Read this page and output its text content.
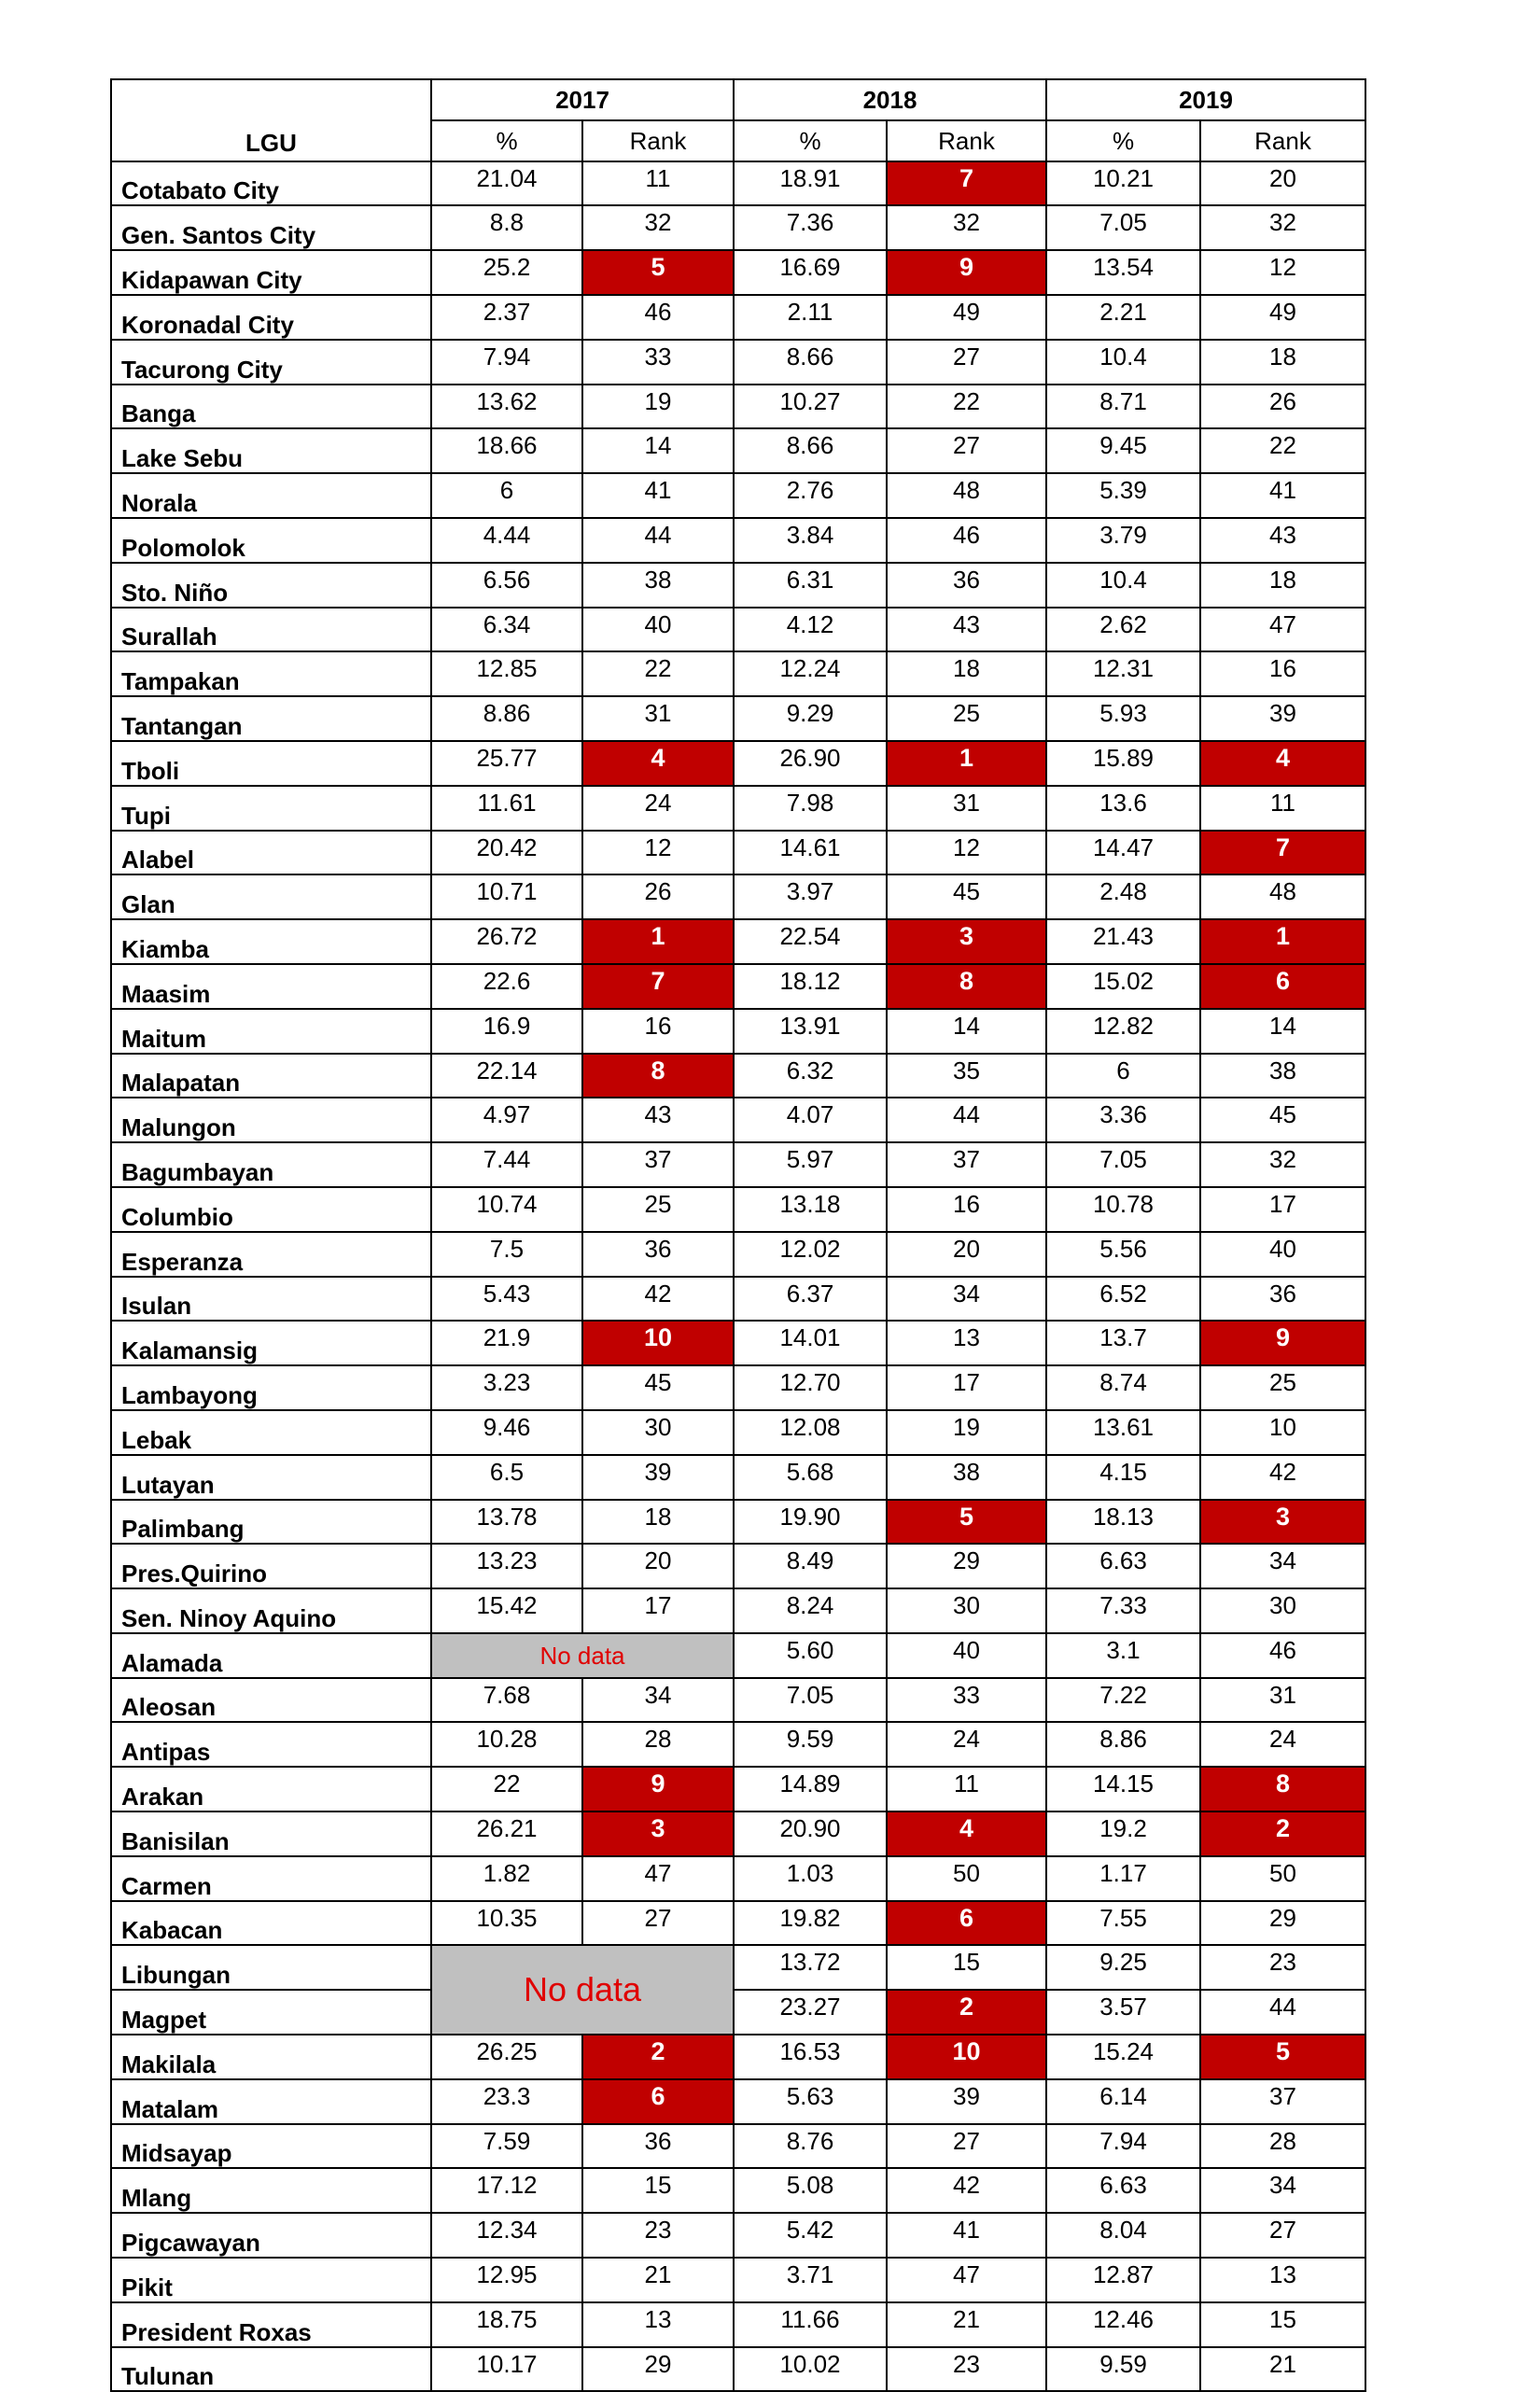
LGU	2017		2018		2019	
	%	Rank	%	Rank	%	Rank
Cotabato City	21.04	11	18.91	7	10.21	20
Gen. Santos City	8.8	32	7.36	32	7.05	32
Kidapawan City	25.2	5	16.69	9	13.54	12
Koronadal City	2.37	46	2.11	49	2.21	49
Tacurong City	7.94	33	8.66	27	10.4	18
Banga	13.62	19	10.27	22	8.71	26
Lake Sebu	18.66	14	8.66	27	9.45	22
Norala	6	41	2.76	48	5.39	41
Polomolok	4.44	44	3.84	46	3.79	43
Sto. Niño	6.56	38	6.31	36	10.4	18
Surallah	6.34	40	4.12	43	2.62	47
Tampakan	12.85	22	12.24	18	12.31	16
Tantangan	8.86	31	9.29	25	5.93	39
Tboli	25.77	4	26.90	1	15.89	4
Tupi	11.61	24	7.98	31	13.6	11
Alabel	20.42	12	14.61	12	14.47	7
Glan	10.71	26	3.97	45	2.48	48
Kiamba	26.72	1	22.54	3	21.43	1
Maasim	22.6	7	18.12	8	15.02	6
Maitum	16.9	16	13.91	14	12.82	14
Malapatan	22.14	8	6.32	35	6	38
Malungon	4.97	43	4.07	44	3.36	45
Bagumbayan	7.44	37	5.97	37	7.05	32
Columbio	10.74	25	13.18	16	10.78	17
Esperanza	7.5	36	12.02	20	5.56	40
Isulan	5.43	42	6.37	34	6.52	36
Kalamansig	21.9	10	14.01	13	13.7	9
Lambayong	3.23	45	12.70	17	8.74	25
Lebak	9.46	30	12.08	19	13.61	10
Lutayan	6.5	39	5.68	38	4.15	42
Palimbang	13.78	18	19.90	5	18.13	3
Pres.Quirino	13.23	20	8.49	29	6.63	34
Sen. Ninoy Aquino	15.42	17	8.24	30	7.33	30
Alamada	No data		5.60	40	3.1	46
Aleosan	7.68	34	7.05	33	7.22	31
Antipas	10.28	28	9.59	24	8.86	24
Arakan	22	9	14.89	11	14.15	8
Banisilan	26.21	3	20.90	4	19.2	2
Carmen	1.82	47	1.03	50	1.17	50
Kabacan	10.35	27	19.82	6	7.55	29
Libungan	No data		13.72	15	9.25	23
Magpet			23.27	2	3.57	44
Makilala	26.25	2	16.53	10	15.24	5
Matalam	23.3	6	5.63	39	6.14	37
Midsayap	7.59	36	8.76	27	7.94	28
Mlang	17.12	15	5.08	42	6.63	34
Pigcawayan	12.34	23	5.42	41	8.04	27
Pikit	12.95	21	3.71	47	12.87	13
President Roxas	18.75	13	11.66	21	12.46	15
Tulunan	10.17	29	10.02	23	9.59	21
